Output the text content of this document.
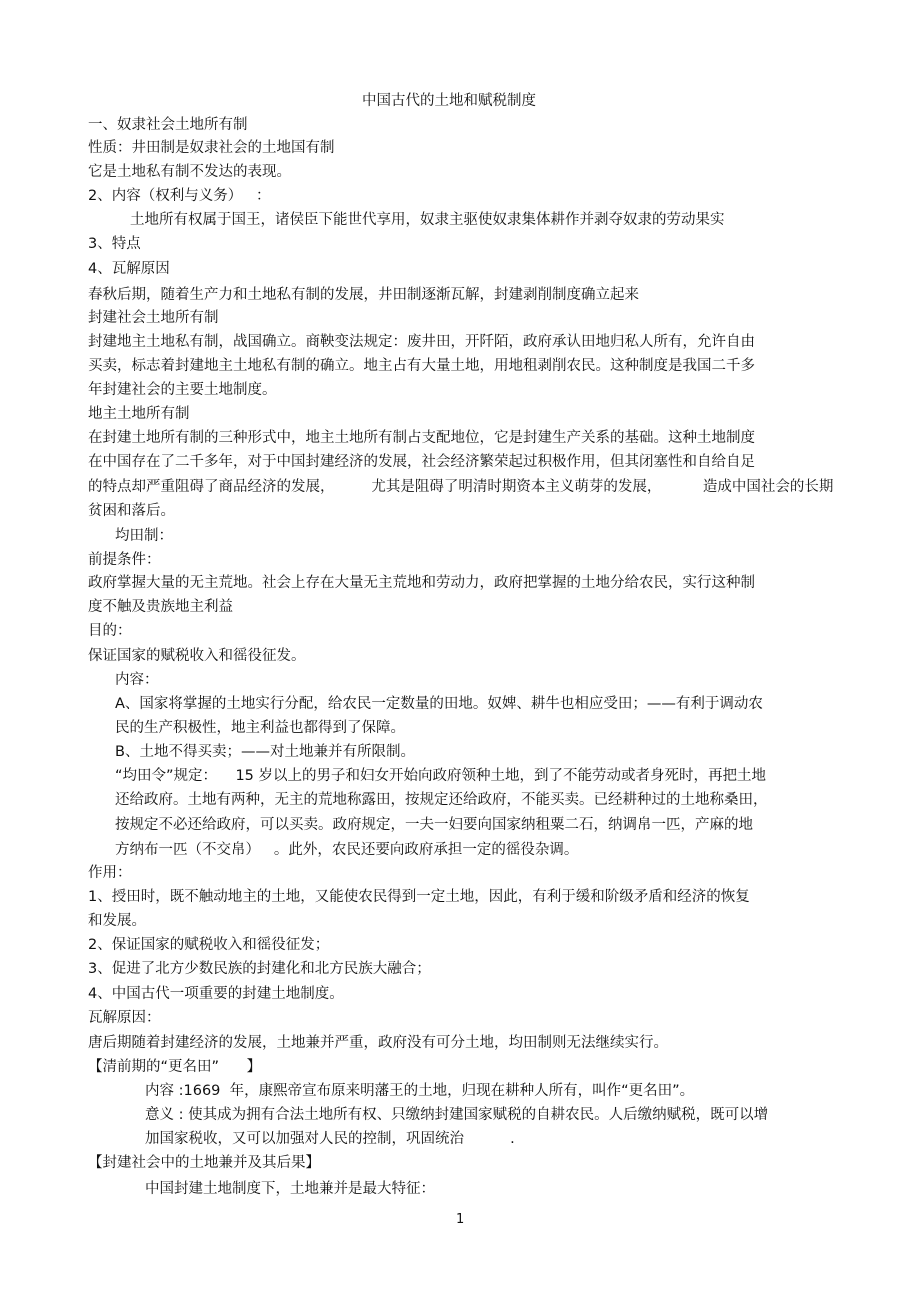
中国古代的土地和赋税制度
一、奴隶社会土地所有制
性质：井田制是奴隶社会的土地国有制
它是土地私有制不发达的表现。
2、内容（权利与义务）   ：
土地所有权属于国王，诸侯臣下能世代享用，奴隶主驱使奴隶集体耕作并剥夺奴隶的劳动果实
3、特点
4、瓦解原因
春秋后期，随着生产力和土地私有制的发展，井田制逐渐瓦解，封建剥削制度确立起来
封建社会土地所有制
封建地主土地私有制，战国确立。商鞅变法规定：废井田，开阡陌，政府承认田地归私人所有，允许自由
买卖，标志着封建地主土地私有制的确立。地主占有大量土地，用地租剥削农民。这种制度是我国二千多
年封建社会的主要土地制度。
地主土地所有制
在封建土地所有制的三种形式中，地主土地所有制占支配地位，它是封建生产关系的基础。这种土地制度
在中国存在了二千多年，对于中国封建经济的发展，社会经济繁荣起过积极作用，但其闭塞性和自给自足
的特点却严重阻碍了商品经济的发展，        尤其是阻碍了明清时期资本主义萌芽的发展，         造成中国社会的长期
贫困和落后。
均田制：
前提条件：
政府掌握大量的无主荒地。社会上存在大量无主荒地和劳动力，政府把掌握的土地分给农民，实行这种制
度不触及贵族地主利益
目的：
保证国家的赋税收入和徭役征发。
内容：
A、国家将掌握的土地实行分配，给农民一定数量的田地。奴婢、耕牛也相应受田；——有利于调动农
民的生产积极性，地主利益也都得到了保障。
B、土地不得买卖；——对土地兼并有所限制。
“均田令”规定：    15 岁以上的男子和妇女开始向政府领种土地，到了不能劳动或者身死时，再把土地
还给政府。土地有两种，无主的荒地称露田，按规定还给政府，不能买卖。已经耕种过的土地称桑田，
按规定不必还给政府，可以买卖。政府规定，一夫一妇要向国家纳租粟二石，纳调帛一匹，产麻的地
方纳布一匹（不交帛）   。此外，农民还要向政府承担一定的徭役杂调。
作用：
1、授田时，既不触动地主的土地，又能使农民得到一定土地，因此，有利于缓和阶级矛盾和经济的恢复
和发展。
2、保证国家的赋税收入和徭役征发；
3、促进了北方少数民族的封建化和北方民族大融合；
4、中国古代一项重要的封建土地制度。
瓦解原因：
唐后期随着封建经济的发展，土地兼并严重，政府没有可分土地，均田制则无法继续实行。
【清前期的“更名田”      】
内容 :1669  年，康熙帝宣布原来明藩王的土地，归现在耕种人所有，叫作“更名田”。
意义 : 使其成为拥有合法土地所有权、只缴纳封建国家赋税的自耕农民。人后缴纳赋税，既可以增
加国家税收，又可以加强对人民的控制，巩固统治          .
【封建社会中的土地兼并及其后果】
中国封建土地制度下，土地兼并是最大特征：
1
